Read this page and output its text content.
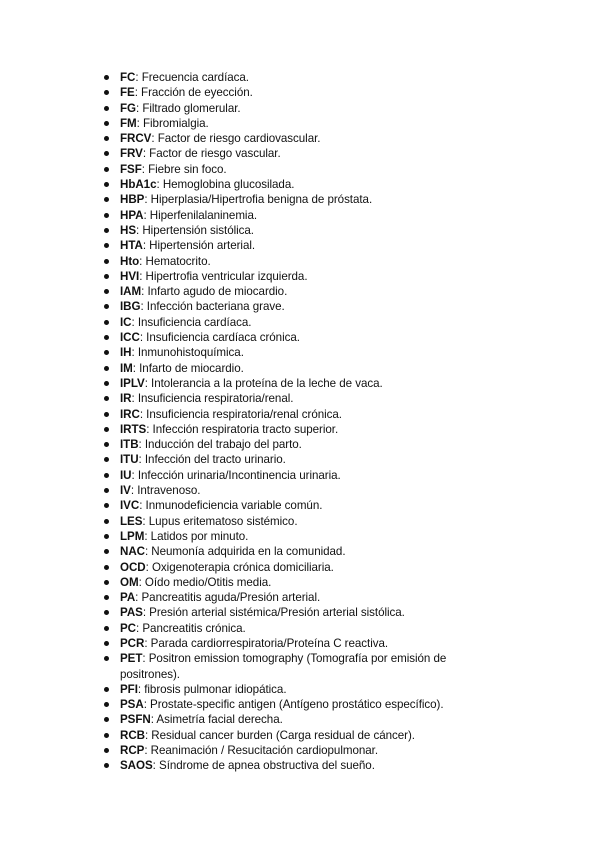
FC: Frecuencia cardíaca.
FE: Fracción de eyección.
FG: Filtrado glomerular.
FM: Fibromialgia.
FRCV: Factor de riesgo cardiovascular.
FRV: Factor de riesgo vascular.
FSF: Fiebre sin foco.
HbA1c: Hemoglobina glucosilada.
HBP: Hiperplasia/Hipertrofia benigna de próstata.
HPA: Hiperfenilalaninemia.
HS: Hipertensión sistólica.
HTA: Hipertensión arterial.
Hto: Hematocrito.
HVI: Hipertrofia ventricular izquierda.
IAM: Infarto agudo de miocardio.
IBG: Infección bacteriana grave.
IC: Insuficiencia cardíaca.
ICC: Insuficiencia cardíaca crónica.
IH: Inmunohistoquímica.
IM: Infarto de miocardio.
IPLV: Intolerancia a la proteína de la leche de vaca.
IR: Insuficiencia respiratoria/renal.
IRC: Insuficiencia respiratoria/renal crónica.
IRTS: Infección respiratoria tracto superior.
ITB: Inducción del trabajo del parto.
ITU: Infección del tracto urinario.
IU: Infección urinaria/Incontinencia urinaria.
IV: Intravenoso.
IVC: Inmunodeficiencia variable común.
LES: Lupus eritematoso sistémico.
LPM: Latidos por minuto.
NAC: Neumonía adquirida en la comunidad.
OCD: Oxigenoterapia crónica domiciliaria.
OM: Oído medio/Otitis media.
PA: Pancreatitis aguda/Presión arterial.
PAS: Presión arterial sistémica/Presión arterial sistólica.
PC: Pancreatitis crónica.
PCR: Parada cardiorrespiratoria/Proteína C reactiva.
PET: Positron emission tomography (Tomografía por emisión de positrones).
PFI: fibrosis pulmonar idiopática.
PSA: Prostate-specific antigen (Antígeno prostático específico).
PSFN: Asimetría facial derecha.
RCB: Residual cancer burden (Carga residual de cáncer).
RCP: Reanimación / Resucitación cardiopulmonar.
SAOS: Síndrome de apnea obstructiva del sueño.
